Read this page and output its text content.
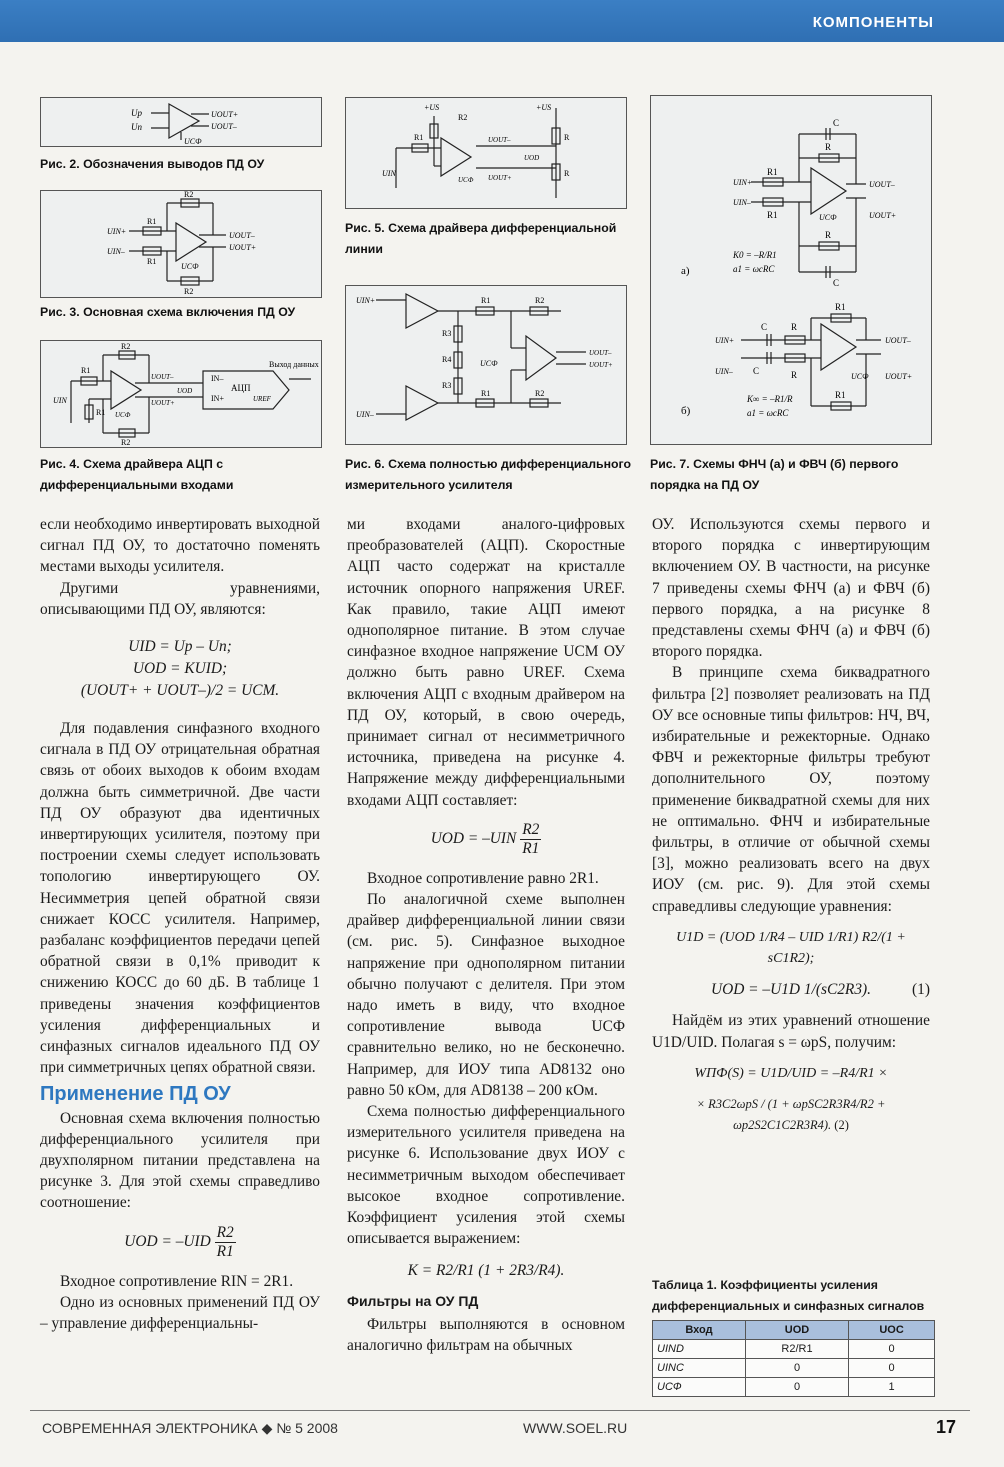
КОМПОНЕНТЫ
Up
Un
UOUT+
UOUT–
UCФ
Рис. 2. Обозначения выводов ПД ОУ
UIN+
UIN–
R1
R1
R2
R2
UOUT–
UOUT+
UCФ
Рис. 3. Основная схема включения ПД ОУ
UIN
R1
R1
R2
R2
UOUT–
UOUT+
UOD
UCФ
IN–
IN+
АЦП
UREF
Выход данных
Рис. 4. Схема драйвера АЦП с дифференциальными входами
+US	+US
R1
R2
R
R
UIN
UOUT–
UOUT+
UOD
UCФ
Рис. 5. Схема драйвера дифференциальной линии
UIN+
UIN–
R1	R2
R1	R2
R3
R4
R3
UCФ
UOUT–
UOUT+
Рис. 6. Схема полностью дифференциального измерительного усилителя
а)
б)
C
R
R1
R1
R
C
UIN+
UIN–
UOUT–
UOUT+
UCФ
K0 = –R/R1
a1 = ωcRC
UIN+
UIN–
C
C
R
R
R1
R1
UOUT–
UOUT+
UCФ
K∞ = –R1/R
a1 = ωcRC
Рис. 7. Схемы ФНЧ (а) и ФВЧ (б) первого порядка на ПД ОУ

если необходимо инвертировать выходной сигнал ПД ОУ, то достаточно поменять местами выходы усилителя.

Другими уравнениями, описывающими ПД ОУ, являются:

UID = Up – Un;
UOD = KUID;
(UOUT+ + UOUT–)/2 = UCM.

Для подавления синфазного входного сигнала в ПД ОУ отрицательная обратная связь от обоих выходов к обоим входам должна быть симметричной. Две части ПД ОУ образуют два идентичных инвертирующих усилителя, поэтому при построении схемы следует использовать топологию инвертирующего ОУ. Несимметрия цепей обратной связи снижает КОСС усилителя. Например, разбаланс коэффициентов передачи цепей обратной связи в 0,1% приводит к снижению КОСС до 60 дБ. В таблице 1 приведены значения коэффициентов усиления дифференциальных и синфазных сигналов идеального ПД ОУ при симметричных цепях обратной связи.

Применение ПД ОУ

Основная схема включения полностью дифференциального усилителя при двухполярном питании представлена на рисунке 3. Для этой схемы справедливо соотношение:

UOD = $-UID \frac{R2}{R1}$

Входное сопротивление RIN = 2R1.

Одно из основных применений ПД ОУ – управление дифференциальны-

ми входами аналого-цифровых преобразователей (АЦП). Скоростные АЦП часто содержат на кристалле источник опорного напряжения UREF. Как правило, такие АЦП имеют однополярное питание. В этом случае синфазное входное напряжение UCM ОУ должно быть равно UREF. Схема включения АЦП с входным драйвером на ПД ОУ, который, в свою очередь, принимает сигнал от несимметричного источника, приведена на рисунке 4. Напряжение между дифференциальными входами АЦП составляет:

UOD = $-UIN \frac{R2}{R1}$

Входное сопротивление равно 2R1.

По аналогичной схеме выполнен драйвер дифференциальной линии связи (см. рис. 5). Синфазное выходное напряжение при однополярном питании обычно получают с делителя. При этом надо иметь в виду, что входное сопротивление вывода UCФ сравнительно велико, но не бесконечно. Например, для ИОУ типа AD8132 оно равно 50 кОм, для AD8138 – 200 кОм.

Схема полностью дифференциального измерительного усилителя приведена на рисунке 6. Использование двух ИОУ с несимметричным выходом обеспечивает высокое входное сопротивление. Коэффициент усиления этой схемы описывается выражением:

K = R2/R1 (1 + 2R3/R4).
Фильтры на ОУ ПД

Фильтры выполняются в основном аналогично фильтрам на обычных

ОУ. Используются схемы первого и второго порядка с инвертирующим включением ОУ. В частности, на рисунке 7 приведены схемы ФНЧ (а) и ФВЧ (б) первого порядка, а на рисунке 8 представлены схемы ФНЧ (а) и ФВЧ (б) второго порядка.

В принципе схема биквадратного фильтра [2] позволяет реализовать на ПД ОУ все основные типы фильтров: НЧ, ВЧ, избирательные и режекторные. Однако ФВЧ и режекторные фильтры требуют дополнительного ОУ, поэтому применение биквадратной схемы для них не оптимально. ФНЧ и избирательные фильтры, в отличие от обычной схемы [3], можно реализовать всего на двух ИОУ (см. рис. 9). Для этой схемы справедливы следующие уравнения:

U1D = (UOD 1/R4 – UID 1/R1) R2/(1 + sC1R2);
UOD = –U1D 1/(sC2R3).	(1)

Найдём из этих уравнений отношение U1D/UID. Полагая s = ωpS, получим:

WПФ(S) = U1D/UID = –R4/R1 ×
× R3C2ωpS / (1 + ωpSC2R3R4/R2 + ωp2S2C1C2R3R4). (2)
Таблица 1. Коэффициенты усиления дифференциальных и синфазных сигналов
Вход	UOD	UOC
UIND	R2/R1	0
UINC	0	0
UCФ	0	1
СОВРЕМЕННАЯ ЭЛЕКТРОНИКА ◆ № 5 2008	WWW.SOEL.RU	17
